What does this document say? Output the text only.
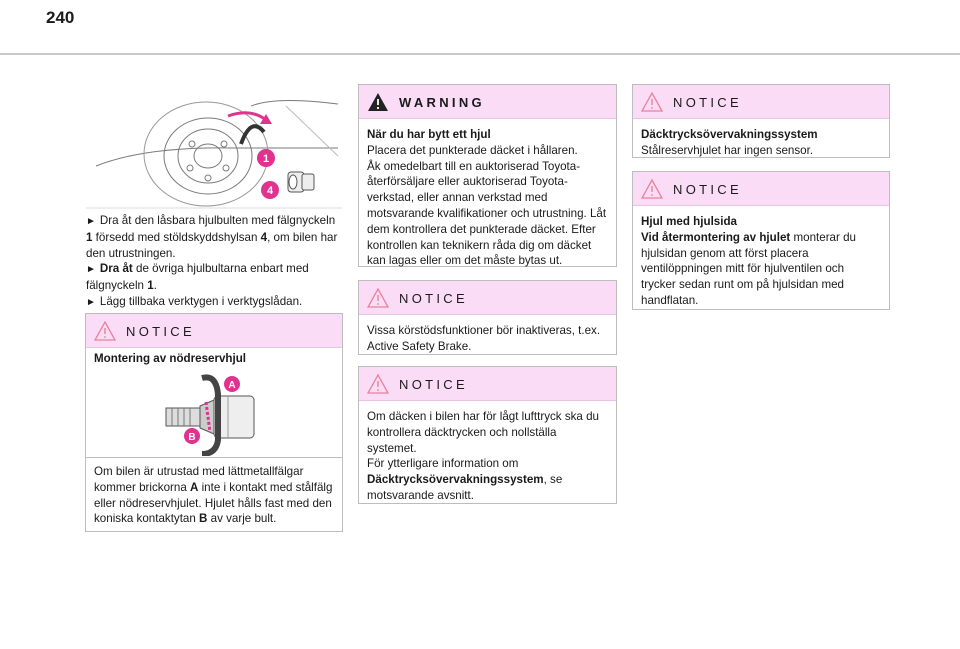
240
1
4

► Dra åt den låsbara hjulbulten med fälgnyckeln 1 försedd med stöldskyddshylsan 4, om bilen har den utrustningen.

► Dra åt de övriga hjulbultarna enbart med fälgnyckeln 1.

► Lägg tillbaka verktygen i verktygslådan.

NOTICE
Montering av nödreservhjul
A
B
Om bilen är utrustad med lättmetallfälgar kommer brickorna A inte i kontakt med stålfälg eller nödreservhjulet. Hjulet hålls fast med den koniska kontaktytan B av varje bult.
WARNING

När du har bytt ett hjul

Placera det punkterade däcket i hållaren.
Åk omedelbart till en auktoriserad Toyota-återförsäljare eller auktoriserad Toyota-verkstad, eller annan verkstad med motsvarande kvalifikationer och utrustning. Låt dem kontrollera det punkterade däcket. Efter kontrollen kan teknikern råda dig om däcket kan lagas eller om det måste bytas ut.

NOTICE
Vissa körstödsfunktioner bör inaktiveras, t.ex. Active Safety Brake.
NOTICE
Om däcken i bilen har för lågt lufttryck ska du kontrollera däcktrycken och nollställa systemet.
För ytterligare information om Däcktrycksövervakningssystem, se motsvarande avsnitt.
NOTICE

Däcktrycksövervakningssystem

Stålreservhjulet har ingen sensor.

NOTICE

Hjul med hjulsida

Vid återmontering av hjulet monterar du hjulsidan genom att först placera ventilöppningen mitt för hjulventilen och trycker sedan runt om på hjulsidan med handflatan.
